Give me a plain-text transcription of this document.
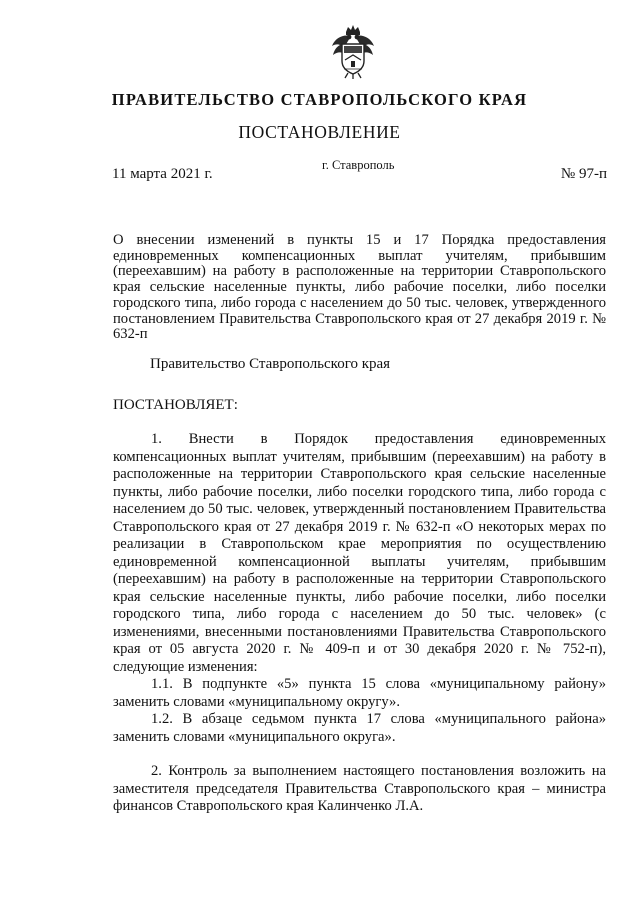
ПРАВИТЕЛЬСТВО СТАВРОПОЛЬСКОГО КРАЯ
ПОСТАНОВЛЕНИЕ
11 марта 2021 г.
г. Ставрополь
№ 97-п
О внесении изменений в пункты 15 и 17 Порядка предоставления единовременных компенсационных выплат учителям, прибывшим (переехавшим) на работу в расположенные на территории Ставропольского края сельские населенные пункты, либо рабочие поселки, либо поселки городского типа, либо города с населением до 50 тыс. человек, утвержденного постановлением Правительства Ставропольского края от 27 декабря 2019 г. № 632-п
Правительство Ставропольского края
ПОСТАНОВЛЯЕТ:

1. Внести в Порядок предоставления единовременных компенсационных выплат учителям, прибывшим (переехавшим) на работу в расположенные на территории Ставропольского края сельские населенные пункты, либо рабочие поселки, либо поселки городского типа, либо города с населением до 50 тыс. человек, утвержденный постановлением Правительства Ставропольского края от 27 декабря 2019 г. № 632-п «О некоторых мерах по реализации в Ставропольском крае мероприятия по осуществлению единовременной компенсационной выплаты учителям, прибывшим (переехавшим) на работу в расположенные на территории Ставропольского края сельские населенные пункты, либо рабочие поселки, либо поселки городского типа, либо города с населением до 50 тыс. человек» (с изменениями, внесенными постановлениями Правительства Ставропольского края от 05 августа 2020 г. № 409-п и от 30 декабря 2020 г. № 752-п), следующие изменения:

1.1. В подпункте «5» пункта 15 слова «муниципальному району» заменить словами «муниципальному округу».

1.2. В абзаце седьмом пункта 17 слова «муниципального района» заменить словами «муниципального округа».

2. Контроль за выполнением настоящего постановления возложить на заместителя председателя Правительства Ставропольского края – министра финансов Ставропольского края Калинченко Л.А.
